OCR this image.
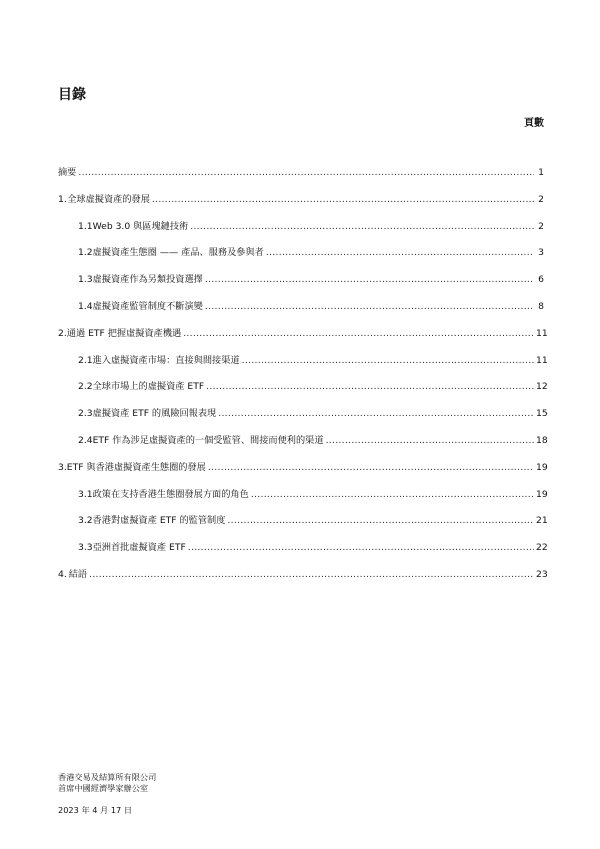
目錄
頁數
摘要 .....	1
1. 全球虛擬資產的發展 .....	2
1.1 Web 3.0 與區塊鏈技術 .....	2
1.2 虛擬資產生態圈 —— 產品、服務及參與者 .....	3
1.3 虛擬資產作為另類投資選擇 .....	6
1.4 虛擬資產監管制度不斷演變 .....	8
2. 通過 ETF 把握虛擬資產機遇 .....	11
2.1 進入虛擬資產市場：直接與間接渠道 .....	11
2.2 全球市場上的虛擬資產 ETF .....	12
2.3 虛擬資產 ETF 的風險回報表現 .....	15
2.4 ETF 作為涉足虛擬資產的一個受監管、間接而便利的渠道 .....	18
3. ETF 與香港虛擬資產生態圈的發展 .....	19
3.1 政策在支持香港生態圈發展方面的角色 .....	19
3.2 香港對虛擬資產 ETF 的監管制度 .....	21
3.3 亞洲首批虛擬資產 ETF .....	22
4. 結語 .....	23
香港交易及結算所有限公司
首席中國經濟學家辦公室
2023 年 4 月 17 日
